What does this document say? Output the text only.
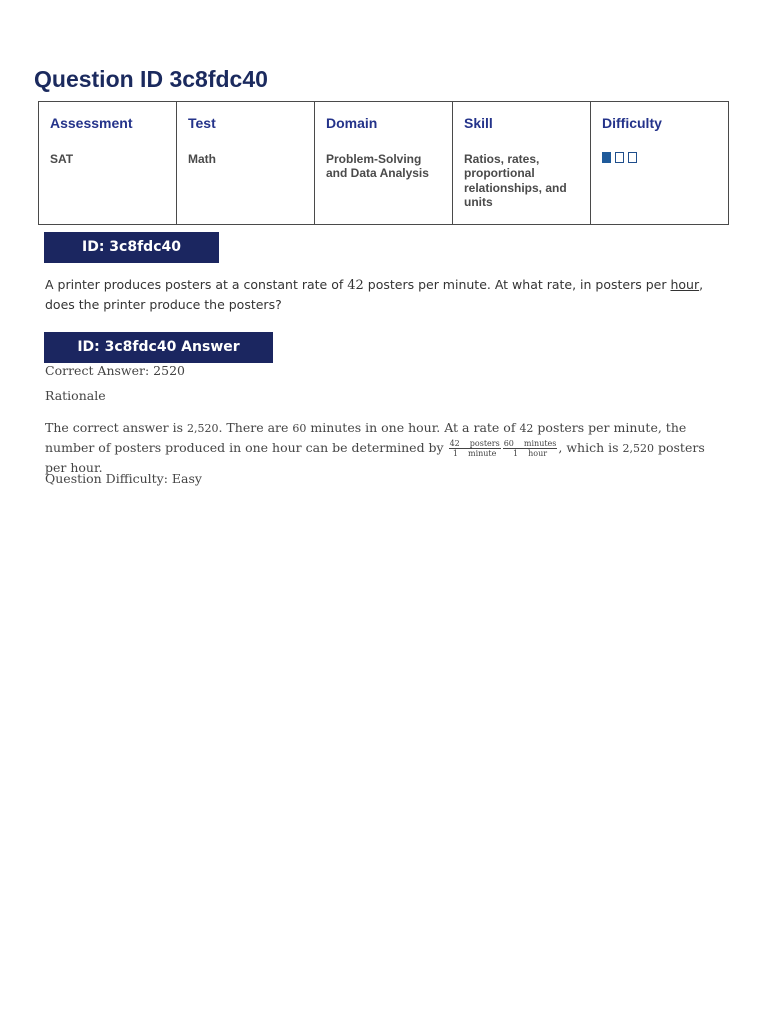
Question ID 3c8fdc40
Assessment
SAT

Test
Math

Domain
Problem-Solving and Data Analysis

Skill
Ratios, rates, proportional relationships, and units

Difficulty
ID: 3c8fdc40

A printer produces posters at a constant rate of 42 posters per minute. At what rate, in posters per hour, does the printer produce the posters?

ID: 3c8fdc40 Answer

Correct Answer: 2520

Rationale

The correct answer is 2,520. There are 60 minutes in one hour. At a rate of 42 posters per minute, the number of posters produced in one hour can be determined by $\frac{\text{42 posters}}{\text{1 minute}} \frac{\text{60 minutes}}{\text{1 hour}}$ , which is 2,520 posters per hour.

Question Difficulty: Easy
